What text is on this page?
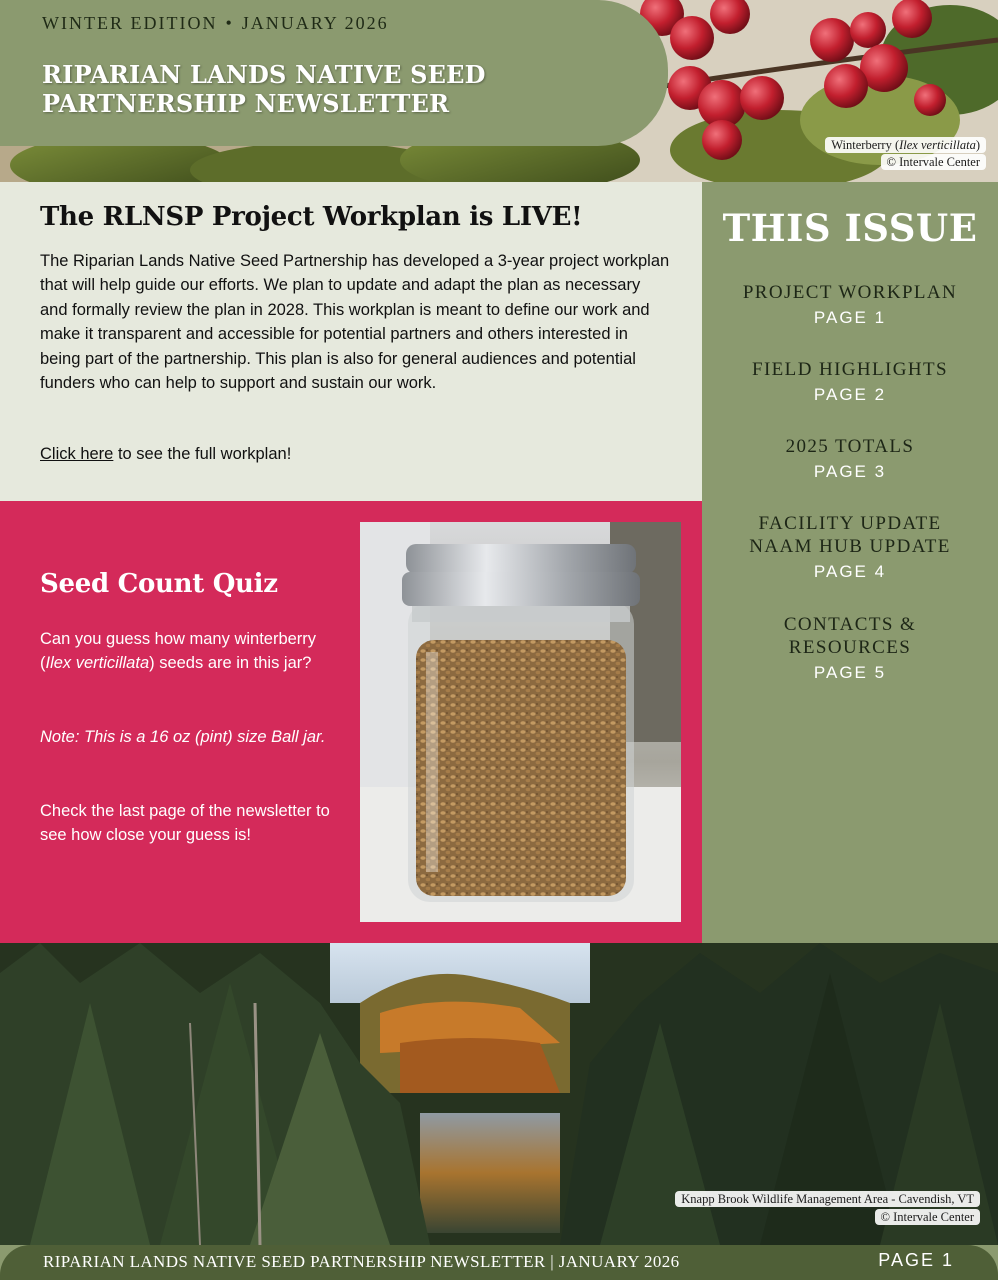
WINTER EDITION • JANUARY 2026
RIPARIAN LANDS NATIVE SEED PARTNERSHIP NEWSLETTER
Winterberry (Ilex verticillata)
© Intervale Center
The RLNSP Project Workplan is LIVE!

The Riparian Lands Native Seed Partnership has developed a 3-year project workplan that will help guide our efforts. We plan to update and adapt the plan as necessary and formally review the plan in 2028. This workplan is meant to define our work and make it transparent and accessible for potential partners and others interested in being part of the partnership. This plan is also for general audiences and potential funders who can help to support and sustain our work.

Click here to see the full workplan!

Seed Count Quiz

Can you guess how many winterberry (Ilex verticillata) seeds are in this jar?

Note: This is a 16 oz (pint) size Ball jar.

Check the last page of the newsletter to see how close your guess is!

THIS ISSUE
PROJECT WORKPLAN
PAGE 1
FIELD HIGHLIGHTS
PAGE 2
2025 TOTALS
PAGE 3
FACILITY UPDATE
NAAM HUB UPDATE
PAGE 4
CONTACTS &
RESOURCES
PAGE 5
Knapp Brook Wildlife Management Area - Cavendish, VT
© Intervale Center
RIPARIAN LANDS NATIVE SEED PARTNERSHIP NEWSLETTER | JANUARY 2026	PAGE 1
